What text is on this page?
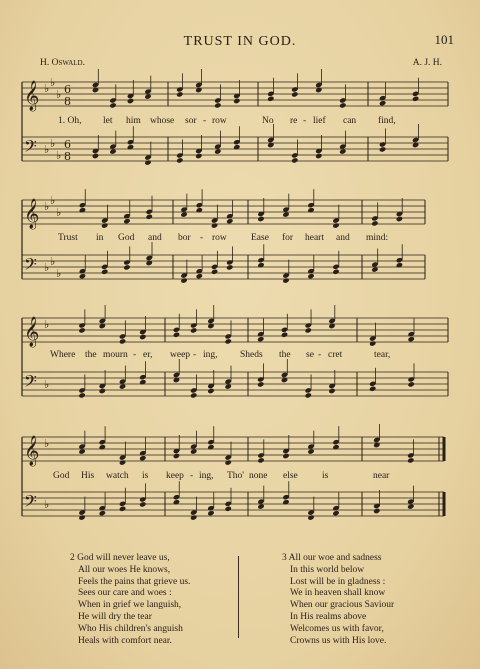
TRUST IN GOD.	101
H. Oswald.	A. J. H.
𝄞 ♭ ♭
♭ 6
8
𝄢 ♭ ♭
♭
6
8
𝄞 ♭ ♭
♭
𝄢 ♭ ♭
♭
𝄞 ♭
𝄢 ♭
𝄞 ♭
𝄢 ♭
1. Oh, let him whose sor - row	No re - lief can find,
Trust in God and bor - row	Ease for heart and mind:
Where the mourn - er, weep - ing, Sheds the se - cret	tear,
God His watch is keep - ing, Tho' none else	is	near
2 God will never leave us,
All our woes He knows,
Feels the pains that grieve us.
Sees our care and woes :
When in grief we languish,
He will dry the tear
Who His children's anguish
Heals with comfort near.
3 All our woe and sadness
In this world below
Lost will be in gladness :
We in heaven shall know
When our gracious Saviour
In His realms above
Welcomes us with favor,
Crowns us with His love.
